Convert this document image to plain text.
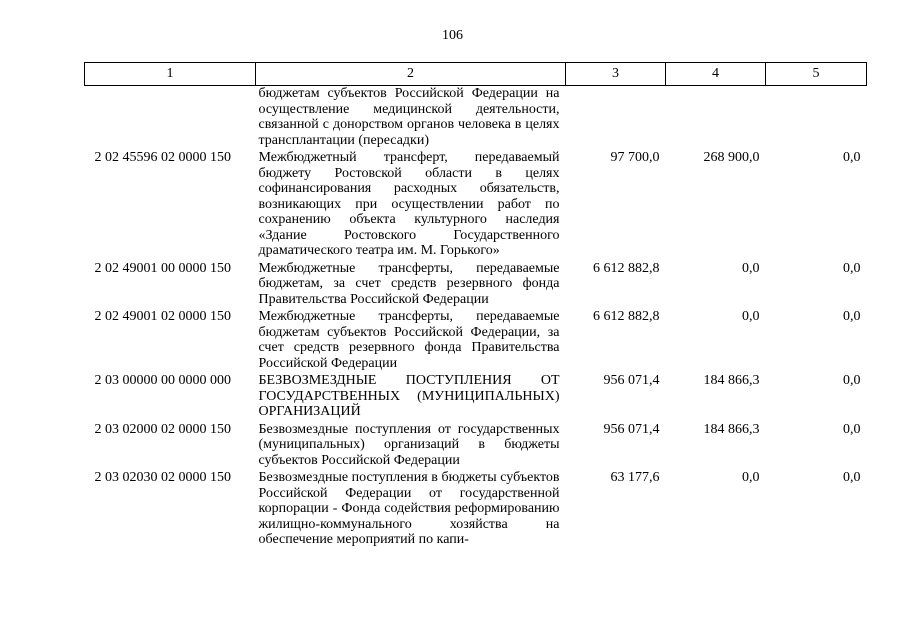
106
1	2	3	4	5
	бюджетам субъектов Российской Федерации на осуществление медицинской деятельности, связанной с донорством органов человека в целях трансплантации (пересадки)			
2 02 45596 02 0000 150	Межбюджетный трансферт, передаваемый бюджету Ростовской области в целях софинансирования расходных обязательств, возникающих при осуществлении работ по сохранению объекта культурного наследия «Здание Ростовского Государственного драматического театра им. М. Горького»	97 700,0	268 900,0	0,0
2 02 49001 00 0000 150	Межбюджетные трансферты, передаваемые бюджетам, за счет средств резервного фонда Правительства Российской Федерации	6 612 882,8	0,0	0,0
2 02 49001 02 0000 150	Межбюджетные трансферты, передаваемые бюджетам субъектов Российской Федерации, за счет средств резервного фонда Правительства Российской Федерации	6 612 882,8	0,0	0,0
2 03 00000 00 0000 000	БЕЗВОЗМЕЗДНЫЕ ПОСТУПЛЕНИЯ ОТ ГОСУДАРСТВЕННЫХ (МУНИЦИПАЛЬНЫХ) ОРГАНИЗАЦИЙ	956 071,4	184 866,3	0,0
2 03 02000 02 0000 150	Безвозмездные поступления от государственных (муниципальных) организаций в бюджеты субъектов Российской Федерации	956 071,4	184 866,3	0,0
2 03 02030 02 0000 150	Безвозмездные поступления в бюджеты субъектов Российской Федерации от государственной корпорации - Фонда содействия реформированию жилищно-коммунального хозяйства на обеспечение мероприятий по капи-	63 177,6	0,0	0,0
